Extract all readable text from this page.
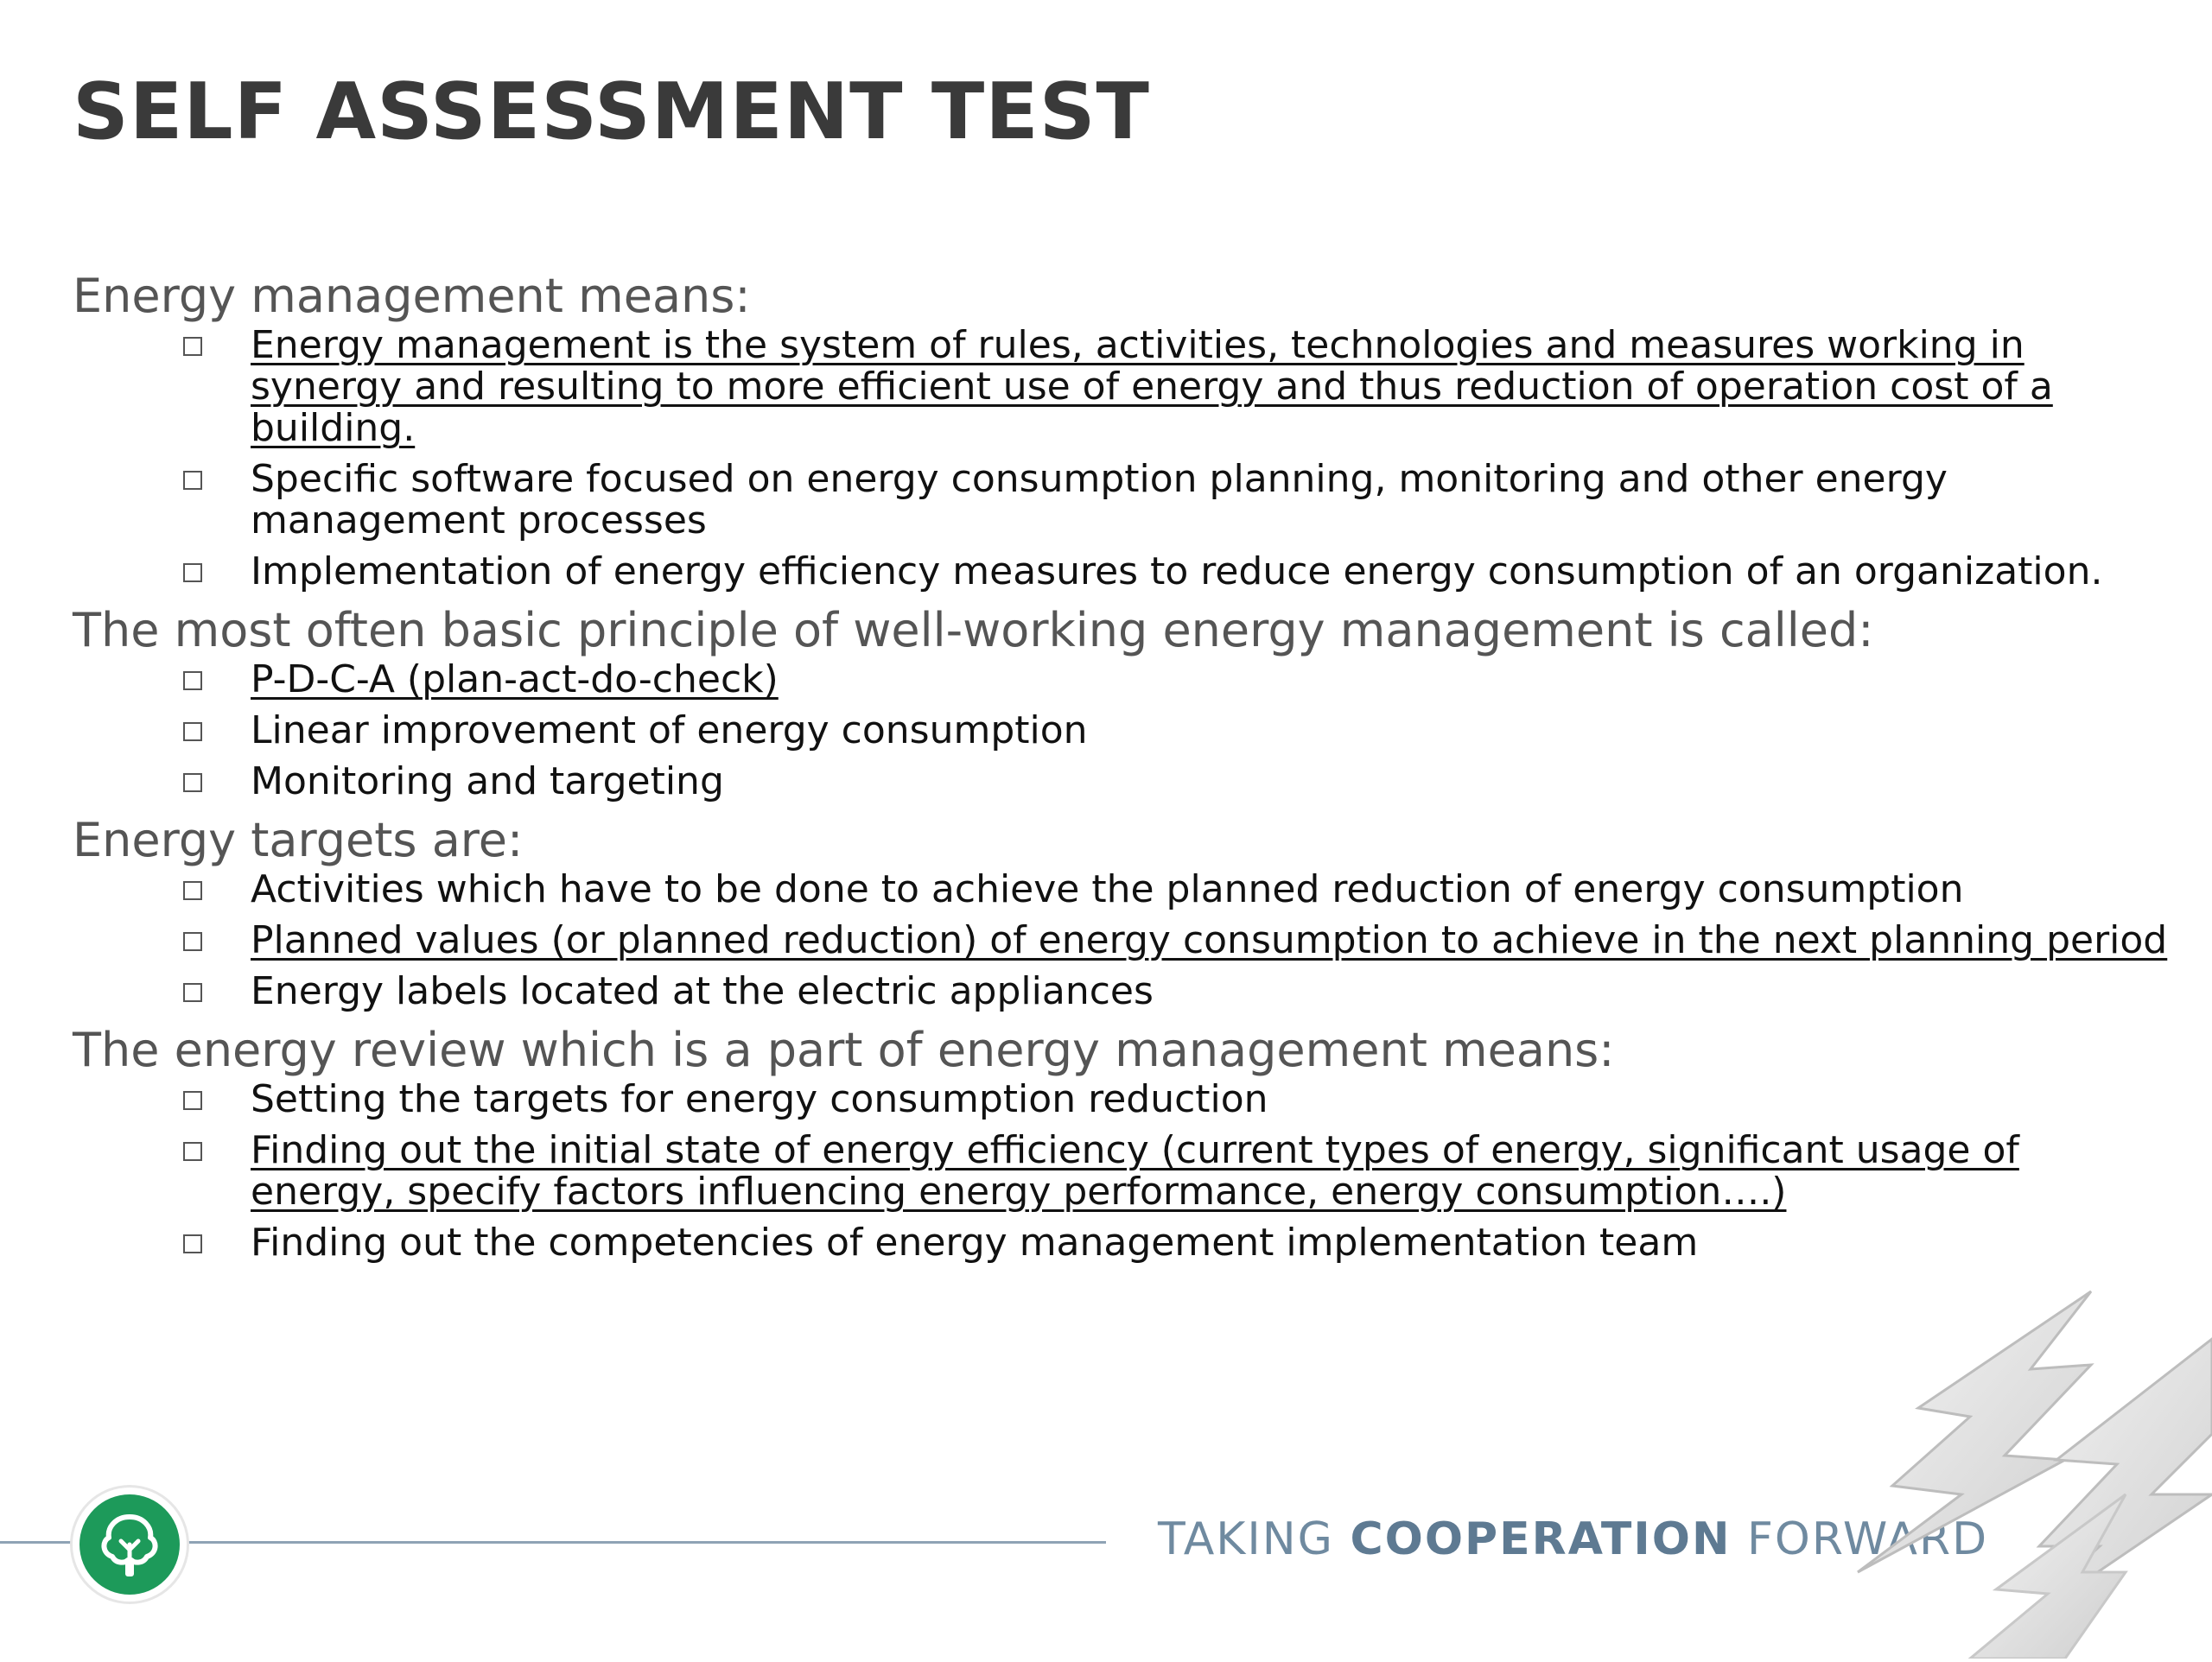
SELF ASSESSMENT TEST

Energy management means:

Energy management is the system of rules, activities, technologies and measures working in synergy and resulting to more efficient use of energy and thus reduction of operation cost of a building.
Specific software focused on energy consumption planning, monitoring and other energy management processes
Implementation of energy efficiency measures to reduce energy consumption of an organization.

The most often basic principle of well-working energy management is called:

P-D-C-A (plan-act-do-check)
Linear improvement of energy consumption
Monitoring and targeting

Energy targets are:

Activities which have to be done to achieve the planned reduction of energy consumption
Planned values (or planned reduction) of energy consumption to achieve in the next planning period
Energy labels located at the electric appliances

The energy review which is a part of energy management means:

Setting the targets for energy consumption reduction
Finding out the initial state of energy efficiency (current types of energy, significant usage of energy, specify factors influencing energy performance, energy consumption….)
Finding out the competencies of energy management implementation team
TAKING COOPERATION FORWARD
